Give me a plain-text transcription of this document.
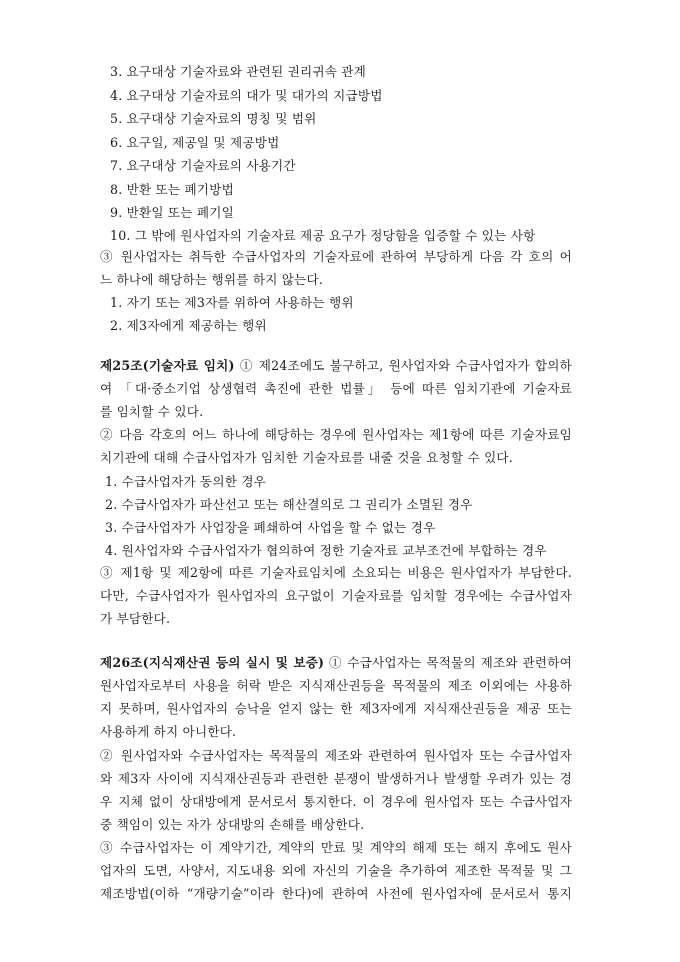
3. 요구대상 기술자료와 관련된 권리귀속 관계
4. 요구대상 기술자료의 대가 및 대가의 지급방법
5. 요구대상 기술자료의 명칭 및 범위
6. 요구일, 제공일 및 제공방법
7. 요구대상 기술자료의 사용기간
8. 반환 또는 폐기방법
9. 반환일 또는 폐기일
10. 그 밖에 원사업자의 기술자료 제공 요구가 정당함을 입증할 수 있는 사항
③ 원사업자는 취득한 수급사업자의 기술자료에 관하여 부당하게 다음 각 호의 어
느 하나에 해당하는 행위를 하지 않는다.
1. 자기 또는 제3자를 위하여 사용하는 행위
2. 제3자에게 제공하는 행위
제25조(기술자료 임치) ① 제24조에도 불구하고, 원사업자와 수급사업자가 합의하
여 「대·중소기업 상생협력 촉진에 관한 법률」 등에 따른 임치기관에 기술자료
를 임치할 수 있다.
② 다음 각호의 어느 하나에 해당하는 경우에 원사업자는 제1항에 따른 기술자료임
치기관에 대해 수급사업자가 임치한 기술자료를 내줄 것을 요청할 수 있다.
1. 수급사업자가 동의한 경우
2. 수급사업자가 파산선고 또는 해산결의로 그 권리가 소멸된 경우
3. 수급사업자가 사업장을 폐쇄하여 사업을 할 수 없는 경우
4. 원사업자와 수급사업자가 협의하여 정한 기술자료 교부조건에 부합하는 경우
③ 제1항 및 제2항에 따른 기술자료임치에 소요되는 비용은 원사업자가 부담한다.
다만, 수급사업자가 원사업자의 요구없이 기술자료를 임치할 경우에는 수급사업자
가 부담한다.
제26조(지식재산권 등의 실시 및 보증) ① 수급사업자는 목적물의 제조와 관련하여
원사업자로부터 사용을 허락 받은 지식재산권등을 목적물의 제조 이외에는 사용하
지 못하며, 원사업자의 승낙을 얻지 않는 한 제3자에게 지식재산권등을 제공 또는
사용하게 하지 아니한다.
② 원사업자와 수급사업자는 목적물의 제조와 관련하여 원사업자 또는 수급사업자
와 제3자 사이에 지식재산권등과 관련한 분쟁이 발생하거나 발생할 우려가 있는 경
우 지체 없이 상대방에게 문서로서 통지한다. 이 경우에 원사업자 또는 수급사업자
중 책임이 있는 자가 상대방의 손해를 배상한다.
③ 수급사업자는 이 계약기간, 계약의 만료 및 계약의 해제 또는 해지 후에도 원사
업자의 도면, 사양서, 지도내용 외에 자신의 기술을 추가하여 제조한 목적물 및 그
제조방법(이하 “개량기술”이라 한다)에 관하여 사전에 원사업자에 문서로서 통지
